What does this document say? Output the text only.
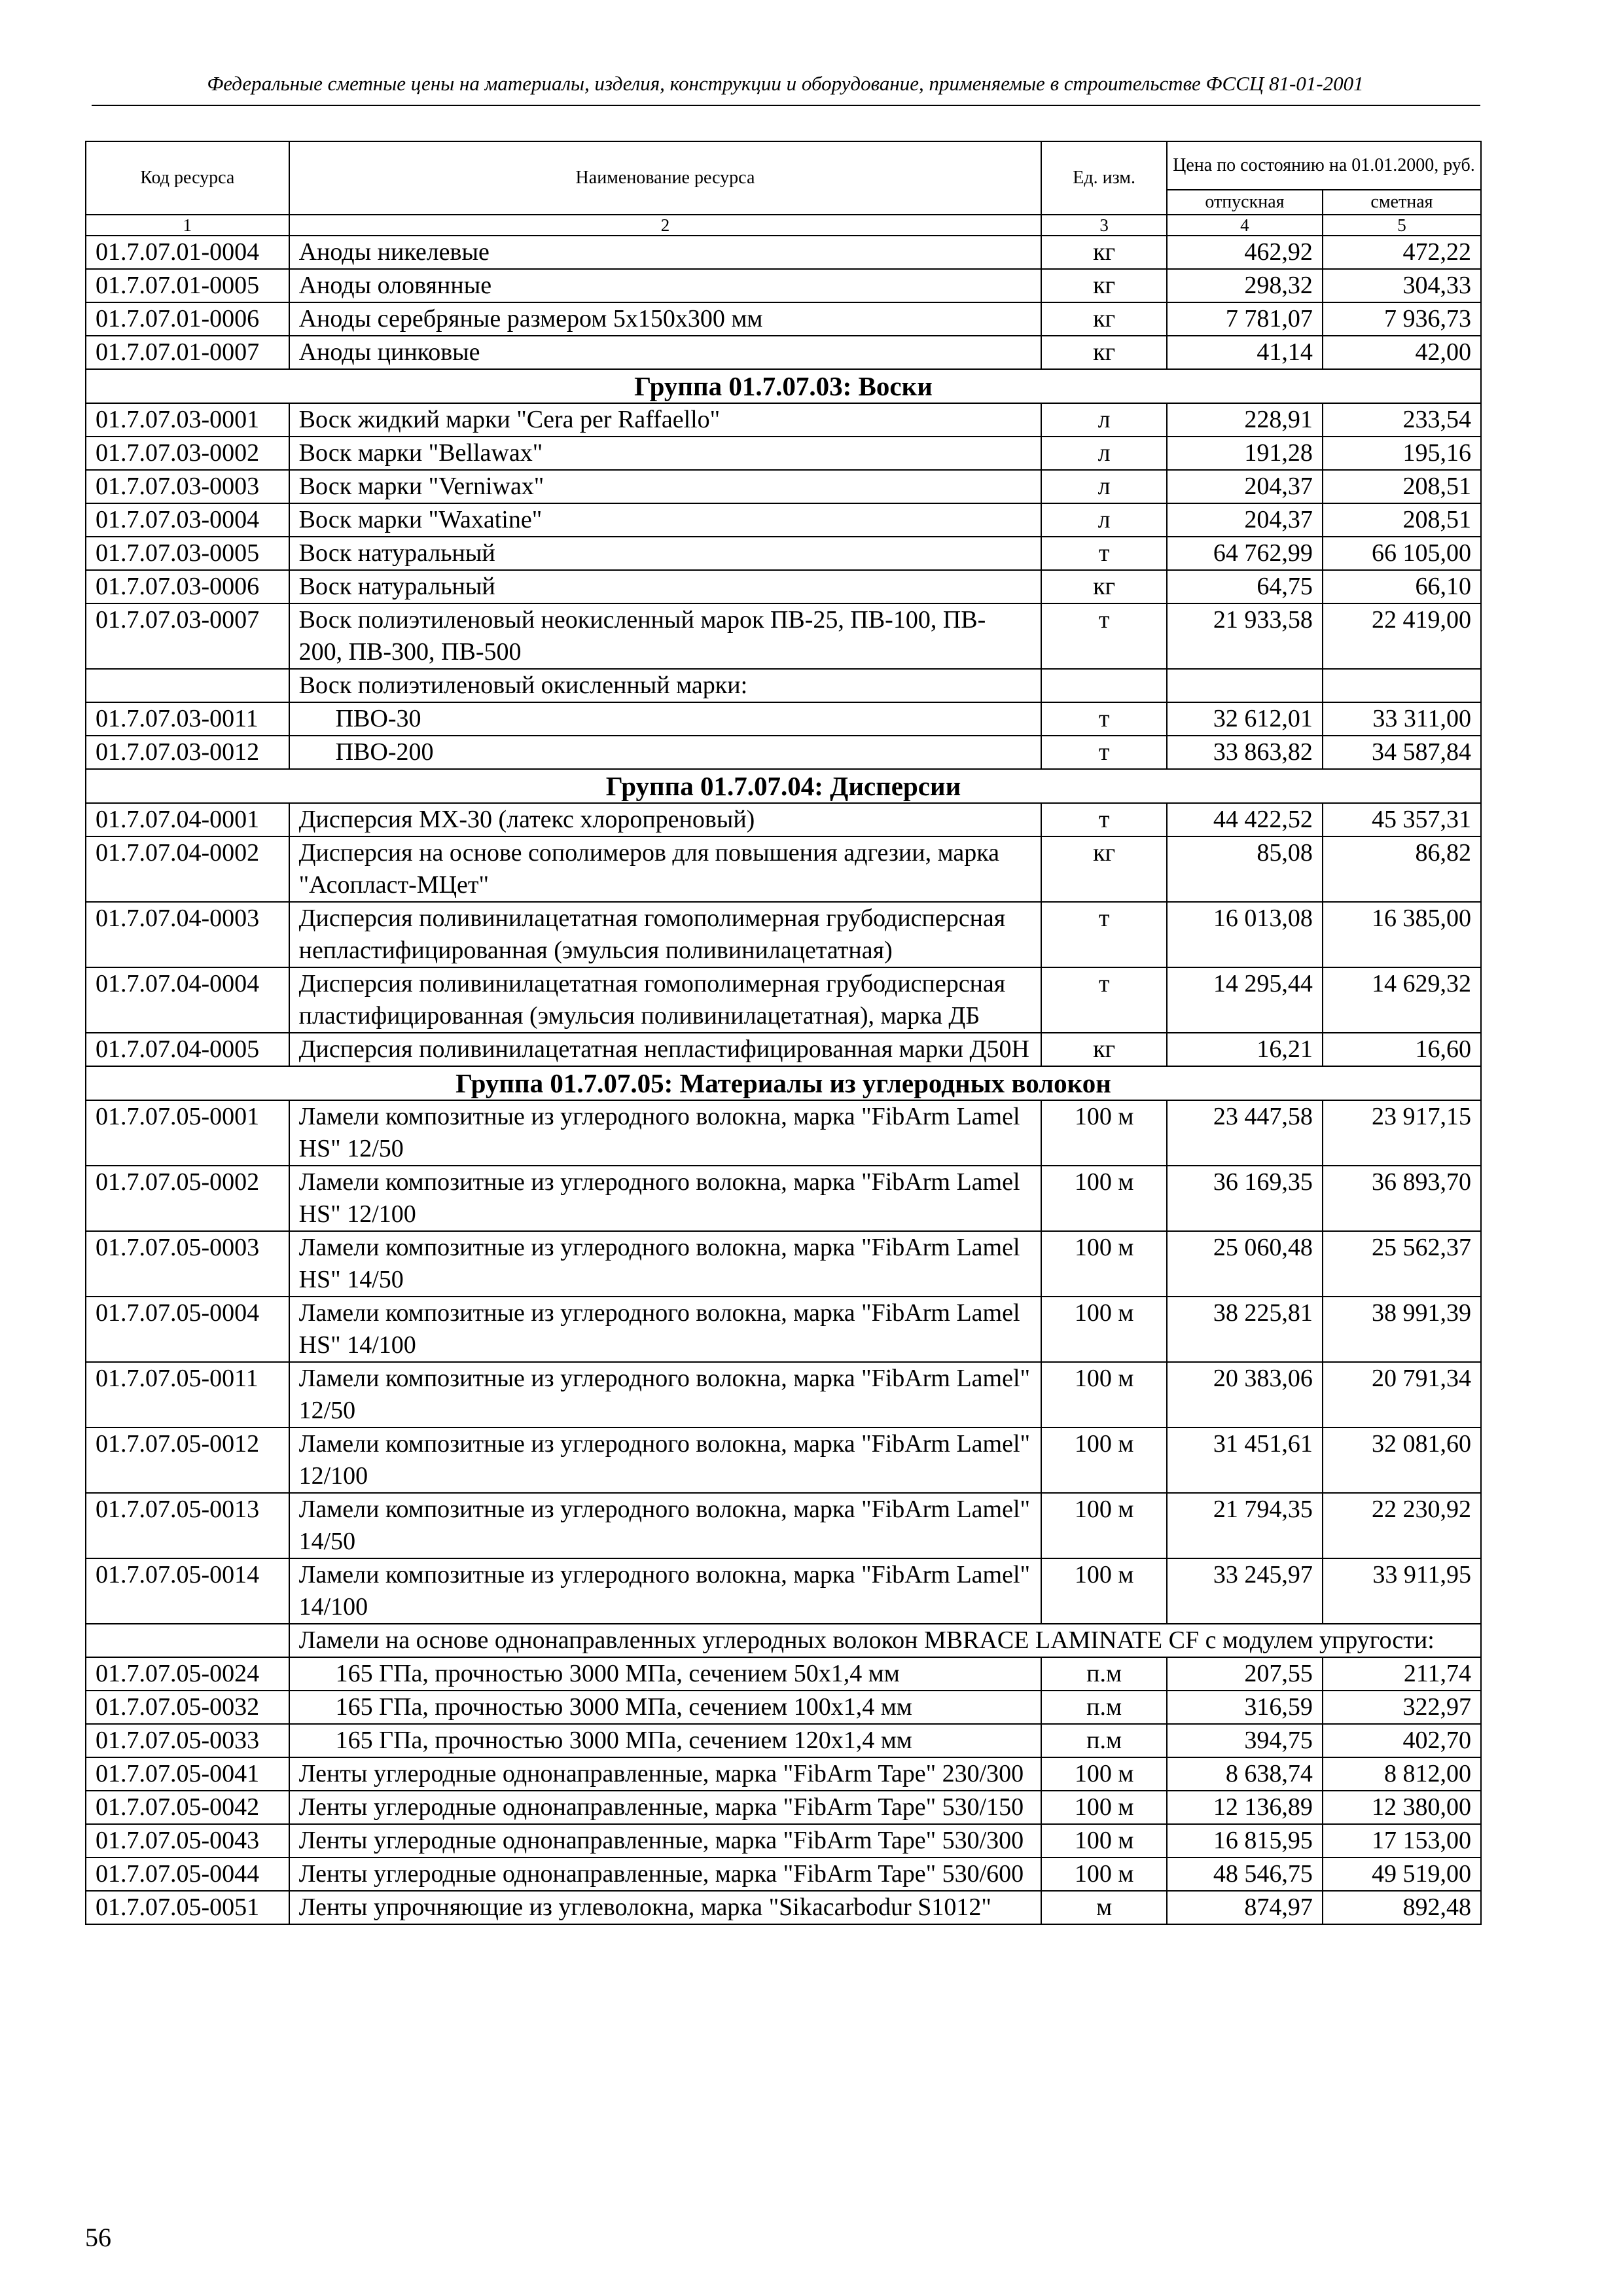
Федеральные сметные цены на материалы, изделия, конструкции и оборудование, применяемые в строительстве ФССЦ 81-01-2001
Код ресурса	Наименование ресурса	Ед. изм.	Цена по состоянию на 01.01.2000, руб.	
			отпускная	сметная
1	2	3	4	5
01.7.07.01-0004	Аноды никелевые	кг	462,92	472,22
01.7.07.01-0005	Аноды оловянные	кг	298,32	304,33
01.7.07.01-0006	Аноды серебряные размером 5x150x300 мм	кг	7 781,07	7 936,73
01.7.07.01-0007	Аноды цинковые	кг	41,14	42,00
Группа 01.7.07.03: Воски				
01.7.07.03-0001	Воск жидкий марки "Cera per Raffaello"	л	228,91	233,54
01.7.07.03-0002	Воск марки "Bellawax"	л	191,28	195,16
01.7.07.03-0003	Воск марки "Verniwax"	л	204,37	208,51
01.7.07.03-0004	Воск марки "Waxatine"	л	204,37	208,51
01.7.07.03-0005	Воск натуральный	т	64 762,99	66 105,00
01.7.07.03-0006	Воск натуральный	кг	64,75	66,10
01.7.07.03-0007	Воск полиэтиленовый неокисленный марок ПВ-25, ПВ-100, ПВ- 200, ПВ-300, ПВ-500	т	21 933,58	22 419,00
	Воск полиэтиленовый окисленный марки:			
01.7.07.03-0011	ПВО-30	т	32 612,01	33 311,00
01.7.07.03-0012	ПВО-200	т	33 863,82	34 587,84
Группа 01.7.07.04: Дисперсии				
01.7.07.04-0001	Дисперсия МХ-30 (латекс хлоропреновый)	т	44 422,52	45 357,31
01.7.07.04-0002	Дисперсия на основе сополимеров для повышения адгезии, марка "Асопласт-МЦет"	кг	85,08	86,82
01.7.07.04-0003	Дисперсия поливинилацетатная гомополимерная грубодисперсная непластифицированная (эмульсия поливинилацетатная)	т	16 013,08	16 385,00
01.7.07.04-0004	Дисперсия поливинилацетатная гомополимерная грубодисперсная пластифицированная (эмульсия поливинилацетатная), марка ДБ	т	14 295,44	14 629,32
01.7.07.04-0005	Дисперсия поливинилацетатная непластифицированная марки Д50Н	кг	16,21	16,60
Группа 01.7.07.05: Материалы из углеродных волокон				
01.7.07.05-0001	Ламели композитные из углеродного волокна, марка "FibArm Lamel HS" 12/50	100 м	23 447,58	23 917,15
01.7.07.05-0002	Ламели композитные из углеродного волокна, марка "FibArm Lamel HS" 12/100	100 м	36 169,35	36 893,70
01.7.07.05-0003	Ламели композитные из углеродного волокна, марка "FibArm Lamel HS" 14/50	100 м	25 060,48	25 562,37
01.7.07.05-0004	Ламели композитные из углеродного волокна, марка "FibArm Lamel HS" 14/100	100 м	38 225,81	38 991,39
01.7.07.05-0011	Ламели композитные из углеродного волокна, марка "FibArm Lamel" 12/50	100 м	20 383,06	20 791,34
01.7.07.05-0012	Ламели композитные из углеродного волокна, марка "FibArm Lamel" 12/100	100 м	31 451,61	32 081,60
01.7.07.05-0013	Ламели композитные из углеродного волокна, марка "FibArm Lamel" 14/50	100 м	21 794,35	22 230,92
01.7.07.05-0014	Ламели композитные из углеродного волокна, марка "FibArm Lamel" 14/100	100 м	33 245,97	33 911,95
	Ламели на основе однонаправленных углеродных волокон MBRACE LAMINATE CF с модулем упругости:			
01.7.07.05-0024	165 ГПа, прочностью 3000 МПа, сечением 50x1,4 мм	п.м	207,55	211,74
01.7.07.05-0032	165 ГПа, прочностью 3000 МПа, сечением 100x1,4 мм	п.м	316,59	322,97
01.7.07.05-0033	165 ГПа, прочностью 3000 МПа, сечением 120x1,4 мм	п.м	394,75	402,70
01.7.07.05-0041	Ленты углеродные однонаправленные, марка "FibArm Tape" 230/300	100 м	8 638,74	8 812,00
01.7.07.05-0042	Ленты углеродные однонаправленные, марка "FibArm Tape" 530/150	100 м	12 136,89	12 380,00
01.7.07.05-0043	Ленты углеродные однонаправленные, марка "FibArm Tape" 530/300	100 м	16 815,95	17 153,00
01.7.07.05-0044	Ленты углеродные однонаправленные, марка "FibArm Tape" 530/600	100 м	48 546,75	49 519,00
01.7.07.05-0051	Ленты упрочняющие из углеволокна, марка "Sikacarbodur S1012"	м	874,97	892,48
56
